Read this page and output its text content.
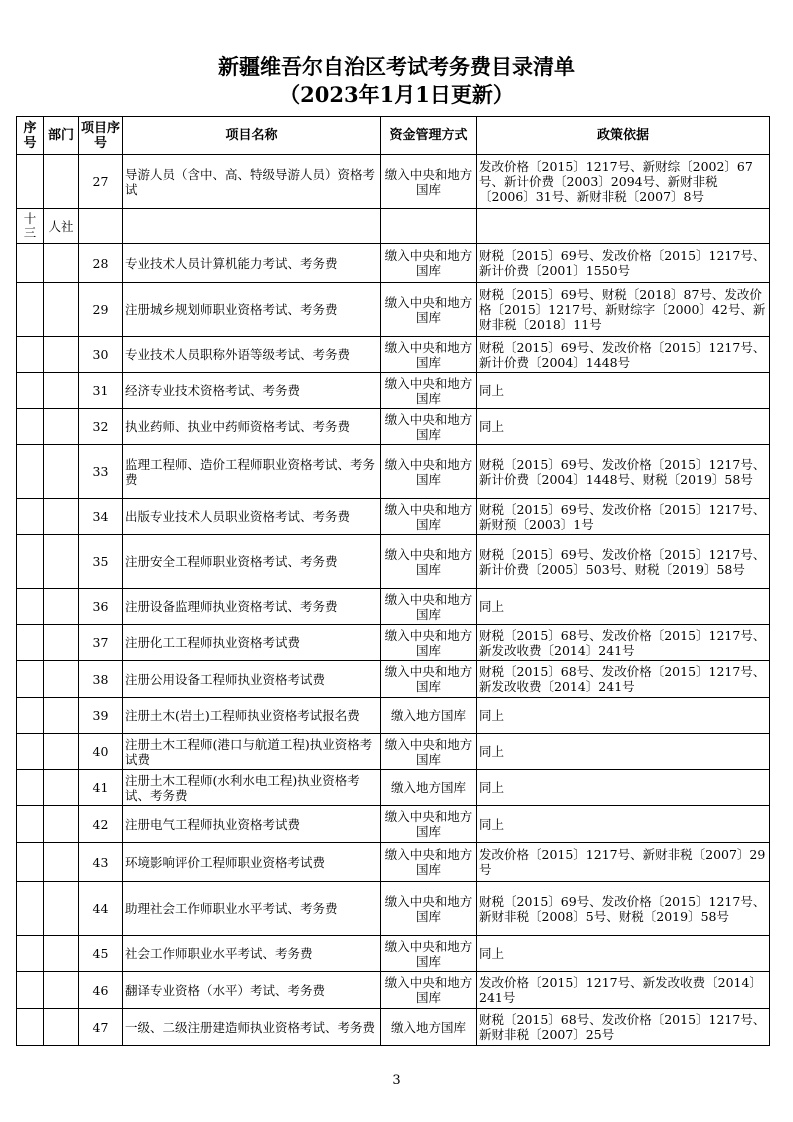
新疆维吾尔自治区考试考务费目录清单
（2023年1月1日更新）
序号	部门	项目序号	项目名称	资金管理方式	政策依据
		27	导游人员（含中、高、特级导游人员）资格考试	缴入中央和地方国库	发改价格〔2015〕1217号、新财综〔2002〕67号、新计价费〔2003〕2094号、新财非税〔2006〕31号、新财非税〔2007〕8号

十三	人社				
		28	专业技术人员计算机能力考试、考务费	缴入中央和地方国库	财税〔2015〕69号、发改价格〔2015〕1217号、新计价费〔2001〕1550号
		29	注册城乡规划师职业资格考试、考务费	缴入中央和地方国库	财税〔2015〕69号、财税〔2018〕87号、发改价格〔2015〕1217号、新财综字〔2000〕42号、新财非税〔2018〕11号
		30	专业技术人员职称外语等级考试、考务费	缴入中央和地方国库	财税〔2015〕69号、发改价格〔2015〕1217号、新计价费〔2004〕1448号
		31	经济专业技术资格考试、考务费	缴入中央和地方国库	同上
		32	执业药师、执业中药师资格考试、考务费	缴入中央和地方国库	同上
		33	监理工程师、造价工程师职业资格考试、考务费	缴入中央和地方国库	财税〔2015〕69号、发改价格〔2015〕1217号、新计价费〔2004〕1448号、财税〔2019〕58号
		34	出版专业技术人员职业资格考试、考务费	缴入中央和地方国库	财税〔2015〕69号、发改价格〔2015〕1217号、新财预〔2003〕1号
		35	注册安全工程师职业资格考试、考务费	缴入中央和地方国库	财税〔2015〕69号、发改价格〔2015〕1217号、新计价费〔2005〕503号、财税〔2019〕58号
		36	注册设备监理师执业资格考试、考务费	缴入中央和地方国库	同上
		37	注册化工工程师执业资格考试费	缴入中央和地方国库	财税〔2015〕68号、发改价格〔2015〕1217号、新发改收费〔2014〕241号
		38	注册公用设备工程师执业资格考试费	缴入中央和地方国库	财税〔2015〕68号、发改价格〔2015〕1217号、新发改收费〔2014〕241号
		39	注册土木(岩土)工程师执业资格考试报名费	缴入地方国库	同上
		40	注册土木工程师(港口与航道工程)执业资格考试费	缴入中央和地方国库	同上
		41	注册土木工程师(水利水电工程)执业资格考试、考务费	缴入地方国库	同上
		42	注册电气工程师执业资格考试费	缴入中央和地方国库	同上
		43	环境影响评价工程师职业资格考试费	缴入中央和地方国库	发改价格〔2015〕1217号、新财非税〔2007〕29号
		44	助理社会工作师职业水平考试、考务费	缴入中央和地方国库	财税〔2015〕69号、发改价格〔2015〕1217号、新财非税〔2008〕5号、财税〔2019〕58号
		45	社会工作师职业水平考试、考务费	缴入中央和地方国库	同上
		46	翻译专业资格（水平）考试、考务费	缴入中央和地方国库	发改价格〔2015〕1217号、新发改收费〔2014〕241号
		47	一级、二级注册建造师执业资格考试、考务费	缴入地方国库	财税〔2015〕68号、发改价格〔2015〕1217号、新财非税〔2007〕25号
3
